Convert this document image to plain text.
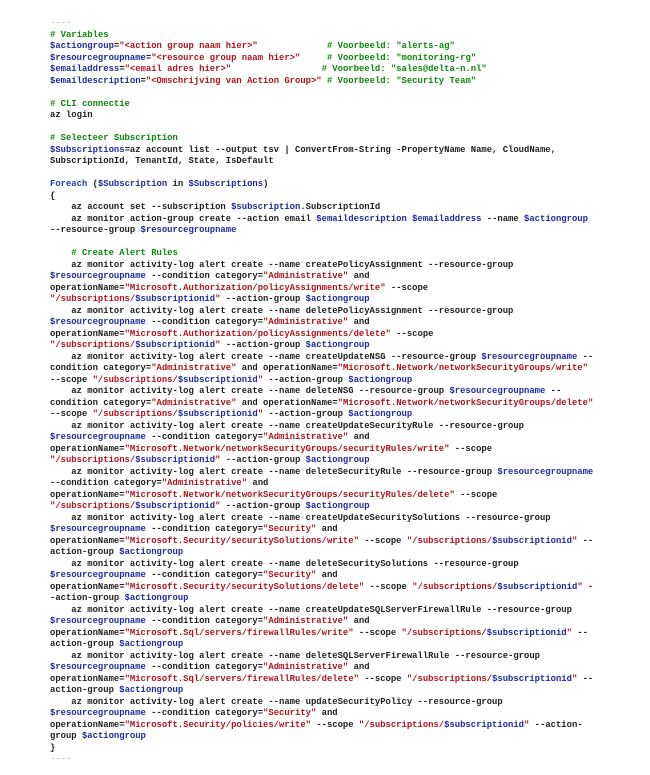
----
# Variables
$actiongroup="<action group naam hier>"	# Voorbeeld: "alerts-ag"
$resourcegroupname="<resource group naam hier>"	# Voorbeeld: "monitoring-rg"
$emailaddress="<email adres hier>"	# Voorbeeld: "sales@delta-n.nl"
$emaildescription="<Omschrijving van Action Group>" # Voorbeeld: "Security Team"

# CLI connectie
az login

# Selecteer Subscription
$Subscriptions=az account list --output tsv | ConvertFrom-String -PropertyName Name, CloudName,
SubscriptionId, TenantId, State, IsDefault

Foreach ($Subscription in $Subscriptions)
{
az account set --subscription $subscription.SubscriptionId
az monitor action-group create --action email $emaildescription $emailaddress --name $actiongroup
--resource-group $resourcegroupname

# Create Alert Rules
az monitor activity-log alert create --name createPolicyAssignment --resource-group
$resourcegroupname --condition category="Administrative" and
operationName="Microsoft.Authorization/policyAssignments/write" --scope
"/subscriptions/$subscriptionid" --action-group $actiongroup
az monitor activity-log alert create --name deletePolicyAssignment --resource-group
$resourcegroupname --condition category="Administrative" and
operationName="Microsoft.Authorization/policyAssignments/delete" --scope
"/subscriptions/$subscriptionid" --action-group $actiongroup
az monitor activity-log alert create --name createUpdateNSG --resource-group $resourcegroupname --
condition category="Administrative" and operationName="Microsoft.Network/networkSecurityGroups/write"
--scope "/subscriptions/$subscriptionid" --action-group $actiongroup
az monitor activity-log alert create --name deleteNSG --resource-group $resourcegroupname --
condition category="Administrative" and operationName="Microsoft.Network/networkSecurityGroups/delete"
--scope "/subscriptions/$subscriptionid" --action-group $actiongroup
az monitor activity-log alert create --name createUpdateSecurityRule --resource-group
$resourcegroupname --condition category="Administrative" and
operationName="Microsoft.Network/networkSecurityGroups/securityRules/write" --scope
"/subscriptions/$subscriptionid" --action-group $actiongroup
az monitor activity-log alert create --name deleteSecurityRule --resource-group $resourcegroupname
--condition category="Administrative" and
operationName="Microsoft.Network/networkSecurityGroups/securityRules/delete" --scope
"/subscriptions/$subscriptionid" --action-group $actiongroup
az monitor activity-log alert create --name createUpdateSecuritySolutions --resource-group
$resourcegroupname --condition category="Security" and
operationName="Microsoft.Security/securitySolutions/write" --scope "/subscriptions/$subscriptionid" --
action-group $actiongroup
az monitor activity-log alert create --name deleteSecuritySolutions --resource-group
$resourcegroupname --condition category="Security" and
operationName="Microsoft.Security/securitySolutions/delete" --scope "/subscriptions/$subscriptionid" -
-action-group $actiongroup
az monitor activity-log alert create --name createUpdateSQLServerFirewallRule --resource-group
$resourcegroupname --condition category="Administrative" and
operationName="Microsoft.Sql/servers/firewallRules/write" --scope "/subscriptions/$subscriptionid" --
action-group $actiongroup
az monitor activity-log alert create --name deleteSQLServerFirewallRule --resource-group
$resourcegroupname --condition category="Administrative" and
operationName="Microsoft.Sql/servers/firewallRules/delete" --scope "/subscriptions/$subscriptionid" --
action-group $actiongroup
az monitor activity-log alert create --name updateSecurityPolicy --resource-group
$resourcegroupname --condition category="Security" and
operationName="Microsoft.Security/policies/write" --scope "/subscriptions/$subscriptionid" --action-
group $actiongroup
}
----
